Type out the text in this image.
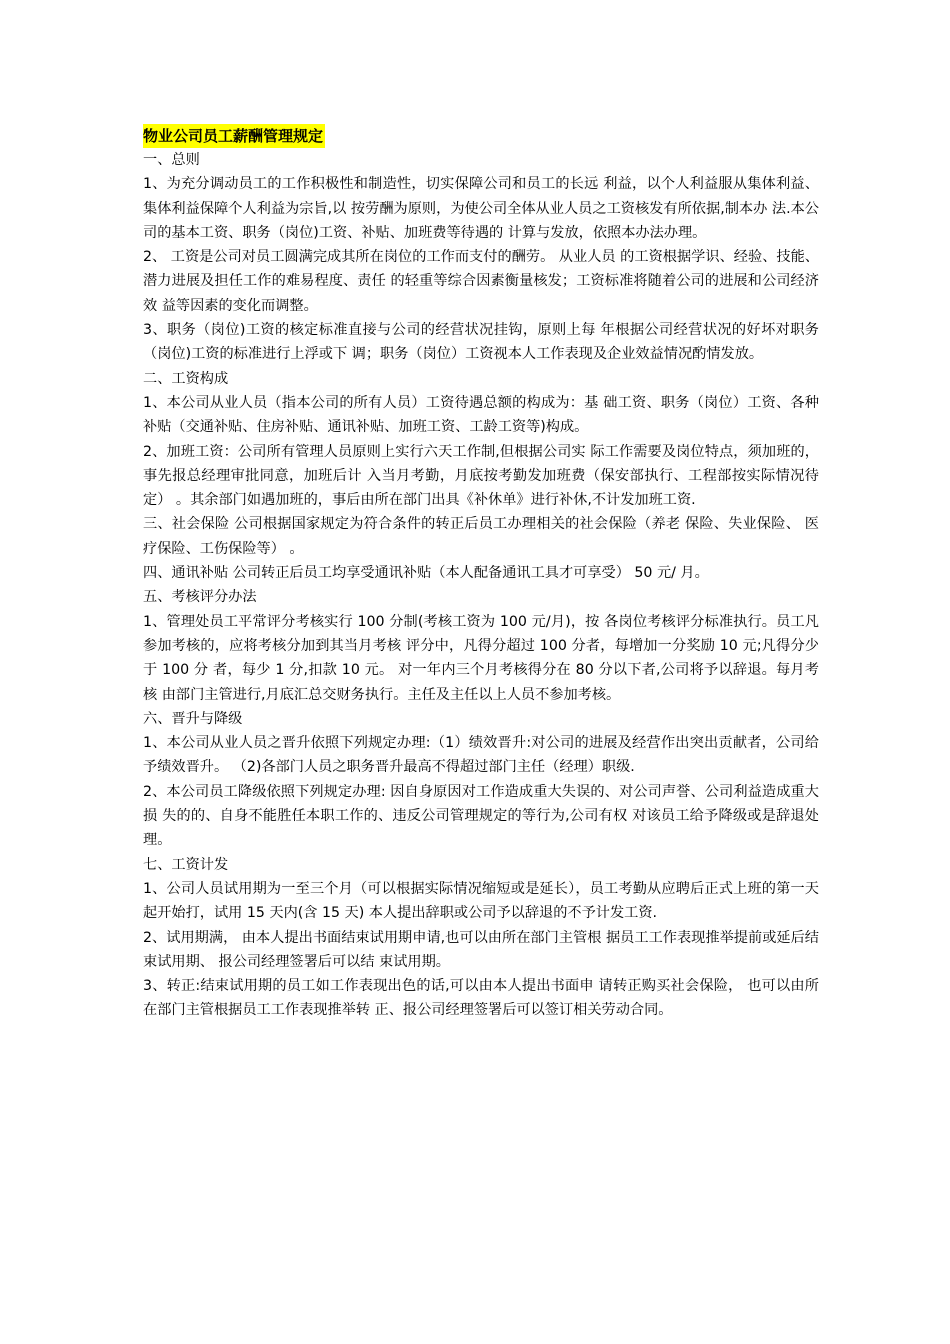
物业公司员工薪酬管理规定

一、总则

1、为充分调动员工的工作积极性和制造性，切实保障公司和员工的长远 利益，以个人利益服从集体利益、集体利益保障个人利益为宗旨,以 按劳酬为原则，为使公司全体从业人员之工资核发有所依据,制本办 法.本公司的基本工资、职务（岗位)工资、补贴、加班费等待遇的 计算与发放，依照本办法办理。

2、 工资是公司对员工圆满完成其所在岗位的工作而支付的酬劳。 从业人员 的工资根据学识、经验、技能、潜力进展及担任工作的难易程度、责任 的轻重等综合因素衡量核发；工资标准将随着公司的进展和公司经济效 益等因素的变化而调整。

3、职务（岗位)工资的核定标准直接与公司的经营状况挂钩，原则上每 年根据公司经营状况的好坏对职务（岗位)工资的标准进行上浮或下 调；职务（岗位）工资视本人工作表现及企业效益情况酌情发放。

二、工资构成

1、本公司从业人员（指本公司的所有人员）工资待遇总额的构成为：基 础工资、职务（岗位）工资、各种补贴（交通补贴、住房补贴、通讯补贴、加班工资、工龄工资等)构成。

2、加班工资：公司所有管理人员原则上实行六天工作制,但根据公司实 际工作需要及岗位特点，须加班的，事先报总经理审批同意，加班后计 入当月考勤，月底按考勤发加班费（保安部执行、工程部按实际情况待 定） 。其余部门如遇加班的，事后由所在部门出具《补休单》进行补休,不计发加班工资.

三、社会保险 公司根据国家规定为符合条件的转正后员工办理相关的社会保险（养老 保险、失业保险、 医疗保险、工伤保险等） 。

四、通讯补贴 公司转正后员工均享受通讯补贴（本人配备通讯工具才可享受） 50 元/ 月。

五、考核评分办法

1、管理处员工平常评分考核实行 100 分制(考核工资为 100 元/月)，按 各岗位考核评分标准执行。员工凡参加考核的，应将考核分加到其当月考核 评分中，凡得分超过 100 分者，每增加一分奖励 10 元;凡得分少于 100 分 者，每少 1 分,扣款 10 元。 对一年内三个月考核得分在 80 分以下者,公司将予以辞退。每月考核 由部门主管进行,月底汇总交财务执行。主任及主任以上人员不参加考核。

六、晋升与降级

1、本公司从业人员之晋升依照下列规定办理:（1）绩效晋升:对公司的进展及经营作出突出贡献者，公司给予绩效晋升。 （2)各部门人员之职务晋升最高不得超过部门主任（经理）职级.

2、本公司员工降级依照下列规定办理: 因自身原因对工作造成重大失误的、对公司声誉、公司利益造成重大损 失的的、自身不能胜任本职工作的、违反公司管理规定的等行为,公司有权 对该员工给予降级或是辞退处理。

七、工资计发

1、公司人员试用期为一至三个月（可以根据实际情况缩短或是延长），员工考勤从应聘后正式上班的第一天起开始打，试用 15 天内(含 15 天) 本人提出辞职或公司予以辞退的不予计发工资.

2、试用期满， 由本人提出书面结束试用期申请,也可以由所在部门主管根 据员工工作表现推举提前或延后结束试用期、 报公司经理签署后可以结 束试用期。

3、转正:结束试用期的员工如工作表现出色的话,可以由本人提出书面申 请转正购买社会保险， 也可以由所在部门主管根据员工工作表现推举转 正、报公司经理签署后可以签订相关劳动合同。
